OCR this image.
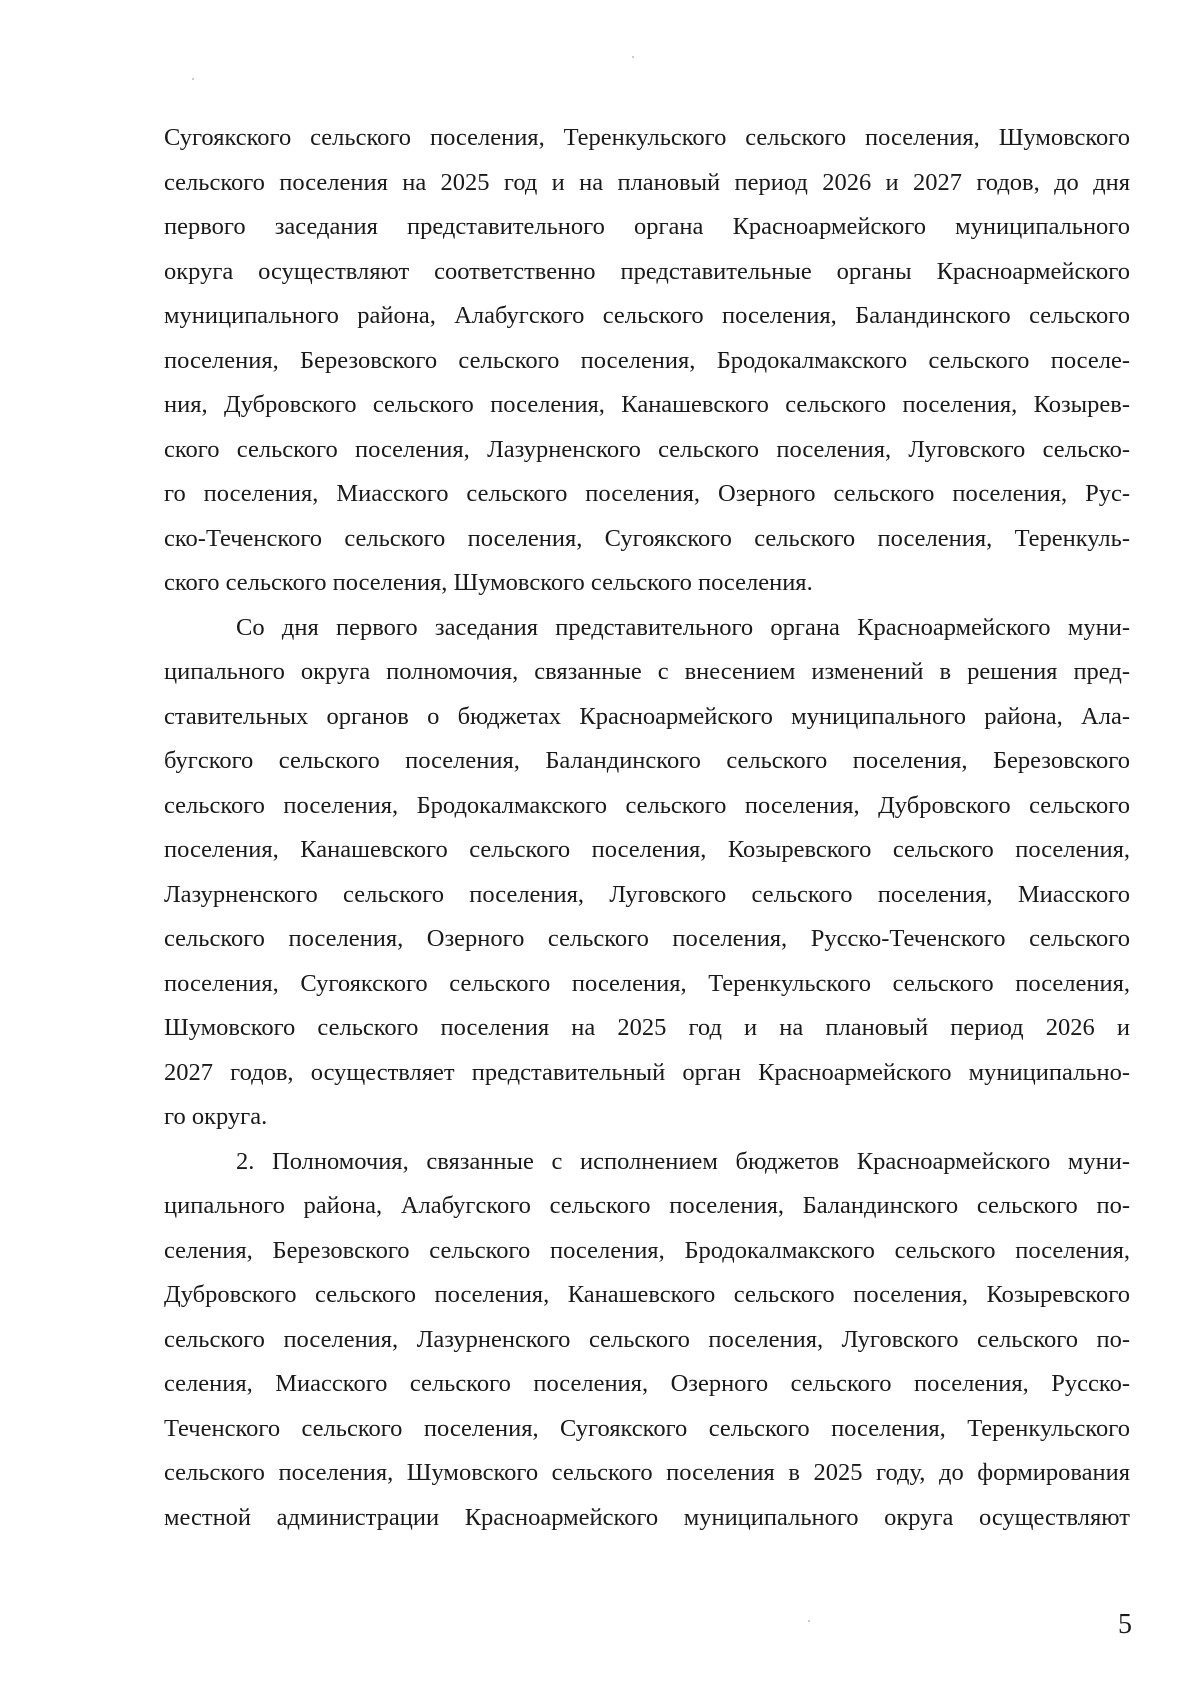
Сугоякского сельского поселения, Теренкульского сельского поселения, Шумовского
сельского поселения на 2025 год и на плановый период 2026 и 2027 годов, до дня
первого заседания представительного органа Красноармейского муниципального
округа осуществляют соответственно представительные органы Красноармейского
муниципального района, Алабугского сельского поселения, Баландинского сельского
поселения, Березовского сельского поселения, Бродокалмакского сельского поселе-
ния, Дубровского сельского поселения, Канашевского сельского поселения, Козырев-
ского сельского поселения, Лазурненского сельского поселения, Луговского сельско-
го поселения, Миасского сельского поселения, Озерного сельского поселения, Рус-
ско-Теченского сельского поселения, Сугоякского сельского поселения, Теренкуль-
ского сельского поселения, Шумовского сельского поселения.
Со дня первого заседания представительного органа Красноармейского муни-
ципального округа полномочия, связанные с внесением изменений в решения пред-
ставительных органов о бюджетах Красноармейского муниципального района, Ала-
бугского сельского поселения, Баландинского сельского поселения, Березовского
сельского поселения, Бродокалмакского сельского поселения, Дубровского сельского
поселения, Канашевского сельского поселения, Козыревского сельского поселения,
Лазурненского сельского поселения, Луговского сельского поселения, Миасского
сельского поселения, Озерного сельского поселения, Русско-Теченского сельского
поселения, Сугоякского сельского поселения, Теренкульского сельского поселения,
Шумовского сельского поселения на 2025 год и на плановый период 2026 и
2027 годов, осуществляет представительный орган Красноармейского муниципально-
го округа.
2. Полномочия, связанные с исполнением бюджетов Красноармейского муни-
ципального района, Алабугского сельского поселения, Баландинского сельского по-
селения, Березовского сельского поселения, Бродокалмакского сельского поселения,
Дубровского сельского поселения, Канашевского сельского поселения, Козыревского
сельского поселения, Лазурненского сельского поселения, Луговского сельского по-
селения, Миасского сельского поселения, Озерного сельского поселения, Русско-
Теченского сельского поселения, Сугоякского сельского поселения, Теренкульского
сельского поселения, Шумовского сельского поселения в 2025 году, до формирования
местной администрации Красноармейского муниципального округа осуществляют
5
